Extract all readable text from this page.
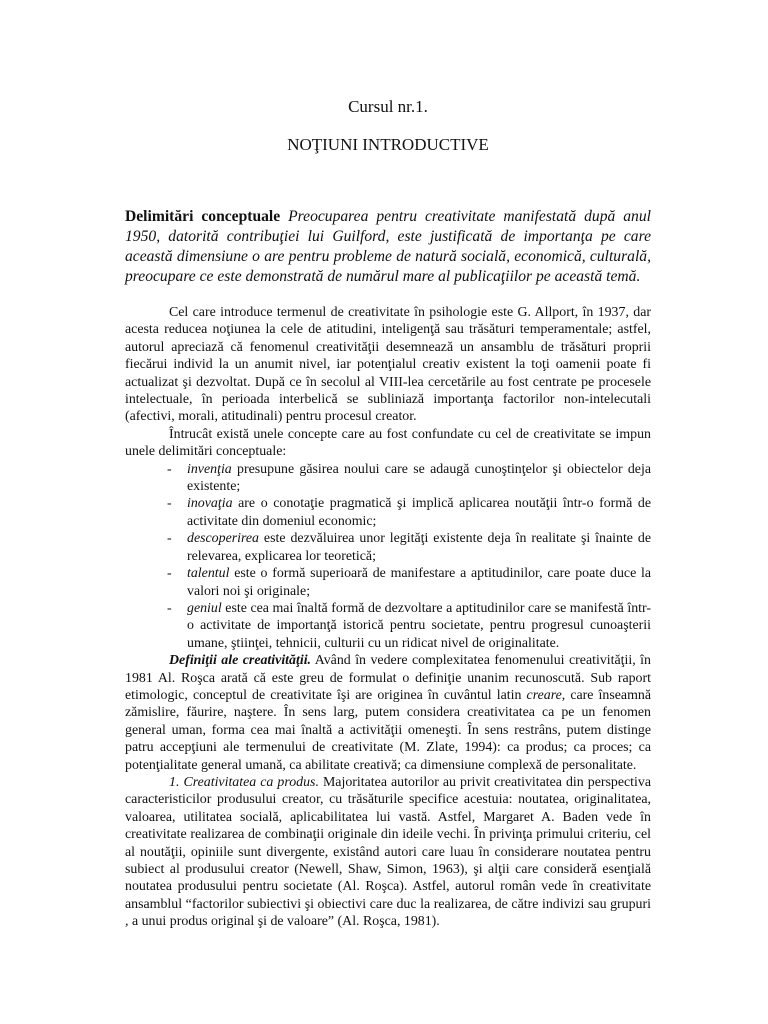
Cursul nr.1.
NOŢIUNI INTRODUCTIVE
Delimitări conceptuale Preocuparea pentru creativitate manifestată după anul 1950, datorită contribuţiei lui Guilford, este justificată de importanţa pe care această dimensiune o are pentru probleme de natură socială, economică, culturală, preocupare ce este demonstrată de numărul mare al publicaţiilor pe această temă.

Cel care introduce termenul de creativitate în psihologie este G. Allport, în 1937, dar acesta reducea noţiunea la cele de atitudini, inteligenţă sau trăsături temperamentale; astfel, autorul apreciază că fenomenul creativităţii desemnează un ansamblu de trăsături proprii fiecărui individ la un anumit nivel, iar potenţialul creativ existent la toţi oamenii poate fi actualizat şi dezvoltat. După ce în secolul al VIII-lea cercetările au fost centrate pe procesele intelectuale, în perioada interbelică se subliniază importanţa factorilor non-intelecutali (afectivi, morali, atitudinali) pentru procesul creator.

Întrucât există unele concepte care au fost confundate cu cel de creativitate se impun unele delimitări conceptuale:

- invenţia presupune găsirea noului care se adaugă cunoştinţelor şi obiectelor deja existente;
- inovaţia are o conotaţie pragmatică şi implică aplicarea noutăţii într-o formă de activitate din domeniul economic;
- descoperirea este dezvăluirea unor legităţi existente deja în realitate şi înainte de relevarea, explicarea lor teoretică;
- talentul este o formă superioară de manifestare a aptitudinilor, care poate duce la valori noi şi originale;
- geniul este cea mai înaltă formă de dezvoltare a aptitudinilor care se manifestă într-o activitate de importanţă istorică pentru societate, pentru progresul cunoaşterii umane, ştiinţei, tehnicii, culturii cu un ridicat nivel de originalitate.

Definiţii ale creativităţii. Având în vedere complexitatea fenomenului creativităţii, în 1981 Al. Roşca arată că este greu de formulat o definiţie unanim recunoscută. Sub raport etimologic, conceptul de creativitate îşi are originea în cuvântul latin creare, care înseamnă zămislire, făurire, naştere. În sens larg, putem considera creativitatea ca pe un fenomen general uman, forma cea mai înaltă a activităţii omeneşti. În sens restrâns, putem distinge patru accepţiuni ale termenului de creativitate (M. Zlate, 1994): ca produs; ca proces; ca potenţialitate general umană, ca abilitate creativă; ca dimensiune complexă de personalitate.

1. Creativitatea ca produs. Majoritatea autorilor au privit creativitatea din perspectiva caracteristicilor produsului creator, cu trăsăturile specifice acestuia: noutatea, originalitatea, valoarea, utilitatea socială, aplicabilitatea lui vastă. Astfel, Margaret A. Baden vede în creativitate realizarea de combinaţii originale din ideile vechi. În privinţa primului criteriu, cel al noutăţii, opiniile sunt divergente, existând autori care luau în considerare noutatea pentru subiect al produsului creator (Newell, Shaw, Simon, 1963), şi alţii care consideră esenţială noutatea produsului pentru societate (Al. Roşca). Astfel, autorul român vede în creativitate ansamblul “factorilor subiectivi şi obiectivi care duc la realizarea, de către indivizi sau grupuri , a unui produs original şi de valoare” (Al. Roşca, 1981).
